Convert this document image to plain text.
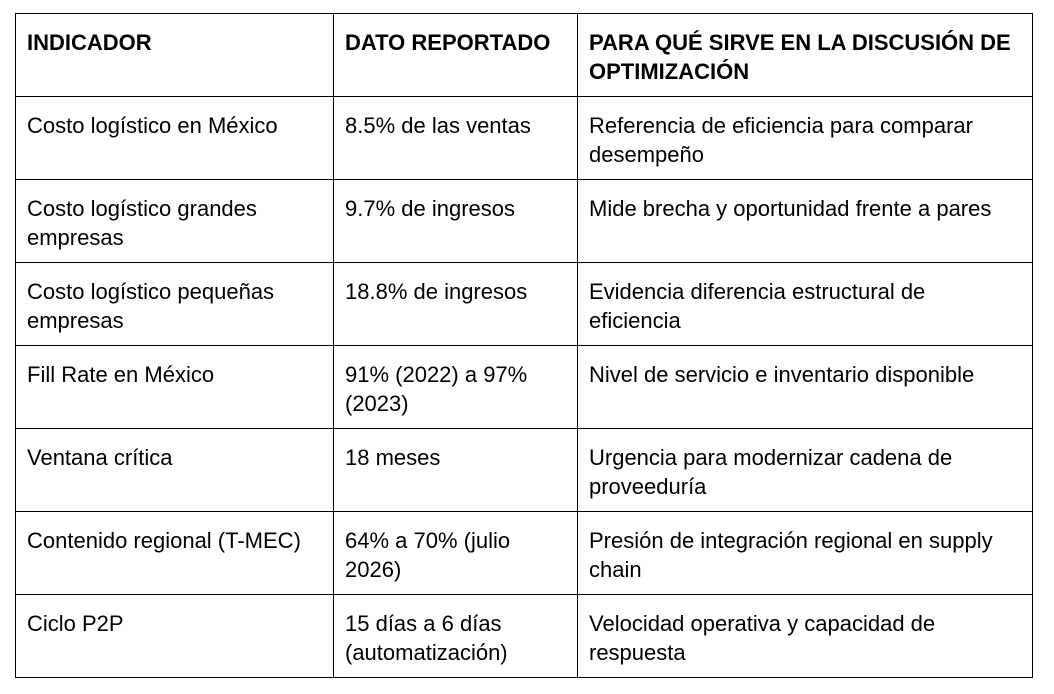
INDICADOR	DATO REPORTADO	PARA QUÉ SIRVE EN LA DISCUSIÓN DE OPTIMIZACIÓN
Costo logístico en México	8.5% de las ventas	Referencia de eficiencia para comparar desempeño
Costo logístico grandes empresas	9.7% de ingresos	Mide brecha y oportunidad frente a pares
Costo logístico pequeñas empresas	18.8% de ingresos	Evidencia diferencia estructural de eficiencia
Fill Rate en México	91% (2022) a 97% (2023)	Nivel de servicio e inventario disponible
Ventana crítica	18 meses	Urgencia para modernizar cadena de proveeduría
Contenido regional (T-MEC)	64% a 70% (julio 2026)	Presión de integración regional en supply chain
Ciclo P2P	15 días a 6 días (automatización)	Velocidad operativa y capacidad de respuesta
